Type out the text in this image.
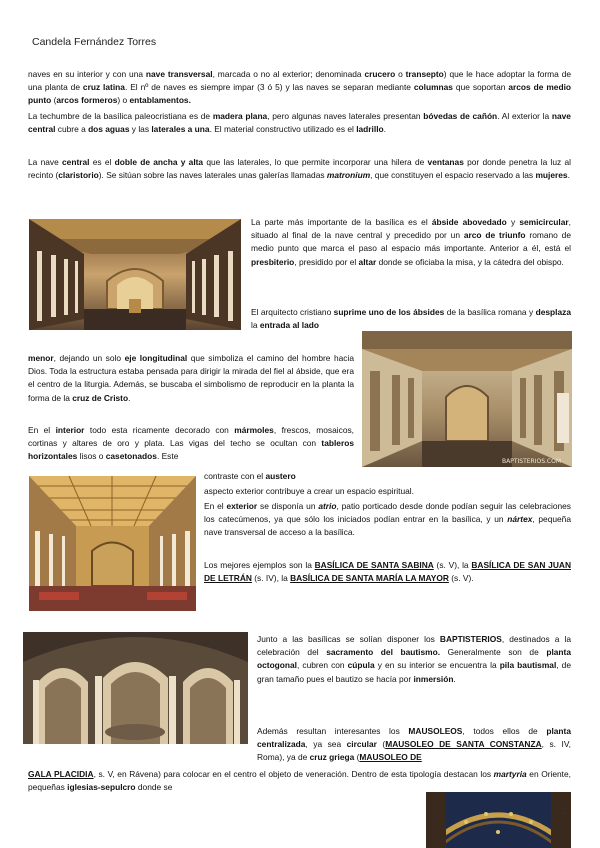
Candela Fernández Torres

naves en su interior y con una nave transversal, marcada o no al exterior; denominada crucero o transepto) que le hace adoptar la forma de una planta de cruz latina. El nº de naves es siempre impar (3 ó 5) y las naves se separan mediante columnas que soportan arcos de medio punto (arcos formeros) o entablamentos.

La techumbre de la basílica paleocristiana es de madera plana, pero algunas naves laterales presentan bóvedas de cañón. Al exterior la nave central cubre a dos aguas y las laterales a una. El material constructivo utilizado es el ladrillo.

La nave central es el doble de ancha y alta que las laterales, lo que permite incorporar una hilera de ventanas por donde penetra la luz al recinto (claristorio). Se sitúan sobre las naves laterales unas galerías llamadas matronium, que constituyen el espacio reservado a las mujeres.

La parte más importante de la basílica es el ábside abovedado y semicircular, situado al final de la nave central y precedido por un arco de triunfo romano de medio punto que marca el paso al espacio más importante. Anterior a él, está el presbiterio, presidido por el altar donde se oficiaba la misa, y la cátedra del obispo.

El arquitecto cristiano suprime uno de los ábsides de la basílica romana y desplaza la entrada al lado

BAPTISTERIOS.COM

menor, dejando un solo eje longitudinal que simboliza el camino del hombre hacia Dios. Toda la estructura estaba pensada para dirigir la mirada del fiel al ábside, que era el centro de la liturgia. Además, se buscaba el simbolismo de reproducir en la planta la forma de la cruz de Cristo.

En el interior todo esta ricamente decorado con mármoles, frescos, mosaicos, cortinas y altares de oro y plata. Las vigas del techo se ocultan con tableros horizontales lisos o casetonados. Este

contraste con el austero

aspecto exterior contribuye a crear un espacio espiritual.

En el exterior se disponía un atrio, patio porticado desde donde podían seguir las celebraciones los catecúmenos, ya que sólo los iniciados podían entrar en la basílica, y un nártex, pequeña nave transversal de acceso a la basílica.

Los mejores ejemplos son la BASÍLICA DE SANTA SABINA (s. V), la BASÍLICA DE SAN JUAN DE LETRÁN (s. IV), la BASÍLICA DE SANTA MARÍA LA MAYOR (s. V).

Junto a las basílicas se solían disponer los BAPTISTERIOS, destinados a la celebración del sacramento del bautismo. Generalmente son de planta octogonal, cubren con cúpula y en su interior se encuentra la pila bautismal, de gran tamaño pues el bautizo se hacía por inmersión.

Además resultan interesantes los MAUSOLEOS, todos ellos de planta centralizada, ya sea circular (MAUSOLEO DE SANTA CONSTANZA, s. IV, Roma), ya de cruz griega (MAUSOLEO DE

GALA PLACIDIA, s. V, en Rávena) para colocar en el centro el objeto de veneración. Dentro de esta tipología destacan los martyria en Oriente, pequeñas iglesias-sepulcro donde se

2
